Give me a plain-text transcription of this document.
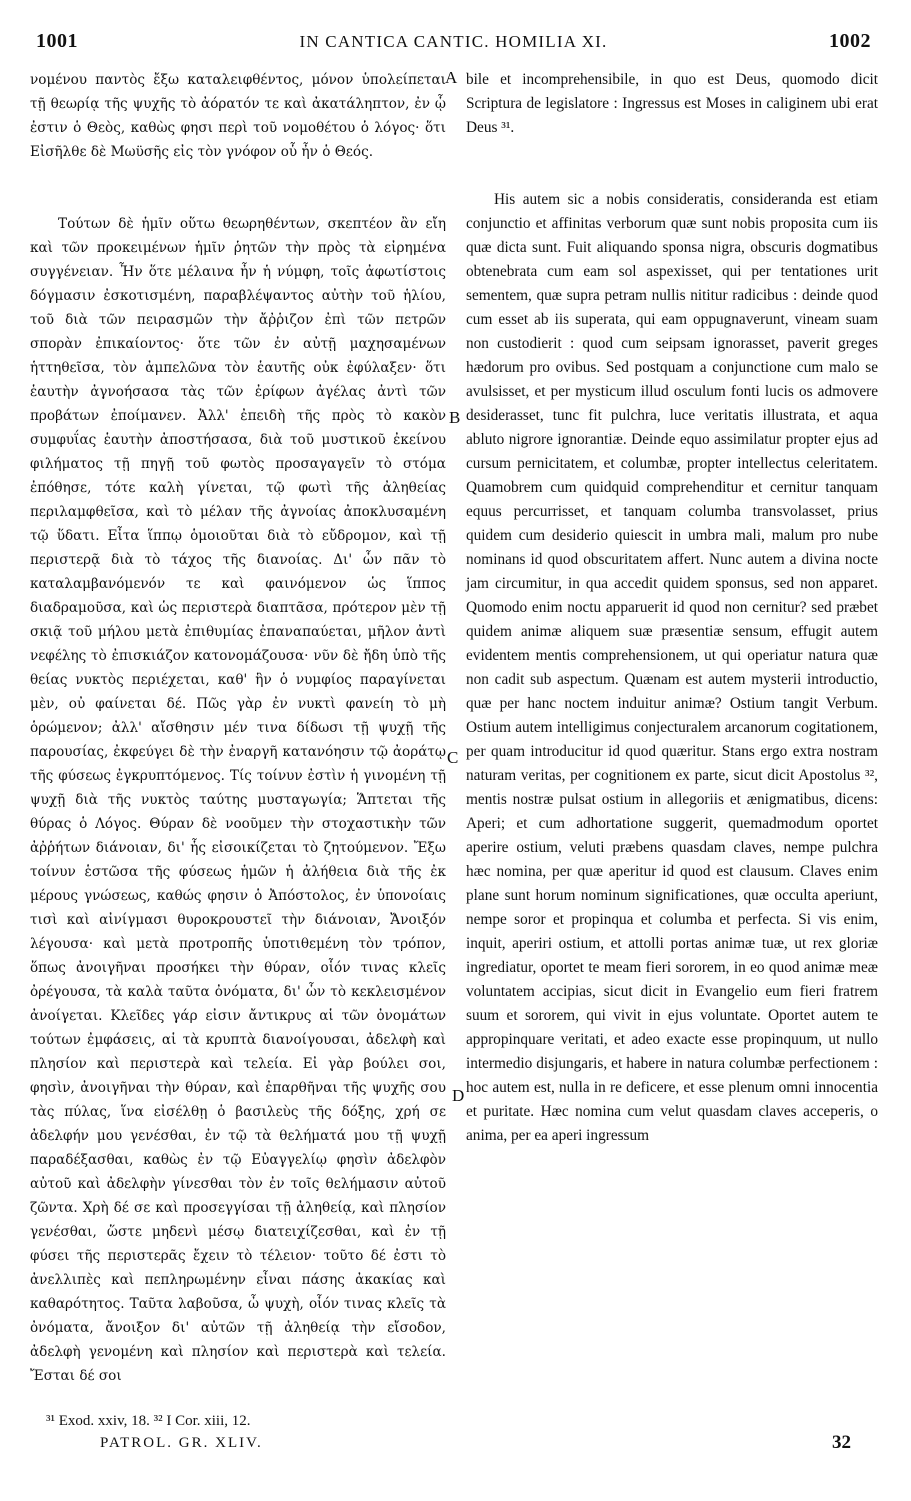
1001	IN CANTICA CANTIC. HOMILIA XI.	1002

νομένου παντὸς ἔξω καταλειφθέντος, μόνον ὑπολείπεται τῇ θεωρίᾳ τῆς ψυχῆς τὸ ἀόρατόν τε καὶ ἀκατάληπτον, ἐν ᾧ ἐστιν ὁ Θεὸς, καθὼς φησι περὶ τοῦ νομοθέτου ὁ λόγος· ὅτι Εἰσῆλθε δὲ Μωϋσῆς εἰς τὸν γνόφον οὗ ἦν ὁ Θεός.

Τούτων δὲ ἡμῖν οὕτω θεωρηθέντων, σκεπτέον ἂν εἴη καὶ τῶν προκειμένων ἡμῖν ῥητῶν τὴν πρὸς τὰ εἰρημένα συγγένειαν. Ἦν ὅτε μέλαινα ἦν ἡ νύμφη, τοῖς ἀφωτίστοις δόγμασιν ἐσκοτισμένη, παραβλέψαντος αὐτὴν τοῦ ἡλίου, τοῦ διὰ τῶν πειρασμῶν τὴν ἄῤῥιζον ἐπὶ τῶν πετρῶν σπορὰν ἐπικαίοντος· ὅτε τῶν ἐν αὐτῇ μαχησαμένων ἡττηθεῖσα, τὸν ἀμπελῶνα τὸν ἑαυτῆς οὐκ ἐφύλαξεν· ὅτι ἑαυτὴν ἀγνοήσασα τὰς τῶν ἐρίφων ἀγέλας ἀντὶ τῶν προβάτων ἐποίμανεν. Ἀλλ' ἐπειδὴ τῆς πρὸς τὸ κακὸν συμφυΐας ἑαυτὴν ἀποστήσασα, διὰ τοῦ μυστικοῦ ἐκείνου φιλήματος τῇ πηγῇ τοῦ φωτὸς προσαγαγεῖν τὸ στόμα ἐπόθησε, τότε καλὴ γίνεται, τῷ φωτὶ τῆς ἀληθείας περιλαμφθεῖσα, καὶ τὸ μέλαν τῆς ἀγνοίας ἀποκλυσαμένη τῷ ὕδατι. Εἶτα ἵππῳ ὁμοιοῦται διὰ τὸ εὔδρομον, καὶ τῇ περιστερᾷ διὰ τὸ τάχος τῆς διανοίας. Δι' ὧν πᾶν τὸ καταλαμβανόμενόν τε καὶ φαινόμενον ὡς ἵππος διαδραμοῦσα, καὶ ὡς περιστερὰ διαπτᾶσα, πρότερον μὲν τῇ σκιᾷ τοῦ μήλου μετὰ ἐπιθυμίας ἐπαναπαύεται, μῆλον ἀντὶ νεφέλης τὸ ἐπισκιάζον κατονομάζουσα· νῦν δὲ ἤδη ὑπὸ τῆς θείας νυκτὸς περιέχεται, καθ' ἣν ὁ νυμφίος παραγίνεται μὲν, οὐ φαίνεται δέ. Πῶς γὰρ ἐν νυκτὶ φανείη τὸ μὴ ὁρώμενον; ἀλλ' αἴσθησιν μέν τινα δίδωσι τῇ ψυχῇ τῆς παρουσίας, ἐκφεύγει δὲ τὴν ἐναργῆ κατανόησιν τῷ ἀοράτῳ τῆς φύσεως ἐγκρυπτόμενος. Τίς τοίνυν ἐστὶν ἡ γινομένη τῇ ψυχῇ διὰ τῆς νυκτὸς ταύτης μυσταγωγία; Ἅπτεται τῆς θύρας ὁ Λόγος. Θύραν δὲ νοοῦμεν τὴν στοχαστικὴν τῶν ἀῤῥήτων διάνοιαν, δι' ἧς εἰσοικίζεται τὸ ζητούμενον. Ἔξω τοίνυν ἑστῶσα τῆς φύσεως ἡμῶν ἡ ἀλήθεια διὰ τῆς ἐκ μέρους γνώσεως, καθώς φησιν ὁ Ἀπόστολος, ἐν ὑπονοίαις τισὶ καὶ αἰνίγμασι θυροκρουστεῖ τὴν διάνοιαν, Ἄνοιξόν λέγουσα· καὶ μετὰ προτροπῆς ὑποτιθεμένη τὸν τρόπον, ὅπως ἀνοιγῆναι προσήκει τὴν θύραν, οἷόν τινας κλεῖς ὀρέγουσα, τὰ καλὰ ταῦτα ὀνόματα, δι' ὧν τὸ κεκλεισμένον ἀνοίγεται. Κλεῖδες γάρ εἰσιν ἄντικρυς αἱ τῶν ὀνομάτων τούτων ἐμφάσεις, αἱ τὰ κρυπτὰ διανοίγουσαι, ἀδελφὴ καὶ πλησίον καὶ περιστερὰ καὶ τελεία. Εἰ γὰρ βούλει σοι, φησὶν, ἀνοιγῆναι τὴν θύραν, καὶ ἐπαρθῆναι τῆς ψυχῆς σου τὰς πύλας, ἵνα εἰσέλθῃ ὁ βασιλεὺς τῆς δόξης, χρή σε ἀδελφήν μου γενέσθαι, ἐν τῷ τὰ θελήματά μου τῇ ψυχῇ παραδέξασθαι, καθὼς ἐν τῷ Εὐαγγελίῳ φησὶν ἀδελφὸν αὐτοῦ καὶ ἀδελφὴν γίνεσθαι τὸν ἐν τοῖς θελήμασιν αὐτοῦ ζῶντα. Χρὴ δέ σε καὶ προσεγγίσαι τῇ ἀληθείᾳ, καὶ πλησίον γενέσθαι, ὥστε μηδενὶ μέσῳ διατειχίζεσθαι, καὶ ἐν τῇ φύσει τῆς περιστερᾶς ἔχειν τὸ τέλειον· τοῦτο δέ ἐστι τὸ ἀνελλιπὲς καὶ πεπληρωμένην εἶναι πάσης ἀκακίας καὶ καθαρότητος. Ταῦτα λαβοῦσα, ὦ ψυχὴ, οἷόν τινας κλεῖς τὰ ὀνόματα, ἄνοιξον δι' αὐτῶν τῇ ἀληθείᾳ τὴν εἴσοδον, ἀδελφὴ γενομένη καὶ πλησίον καὶ περιστερὰ καὶ τελεία. Ἔσται δέ σοι

A
B
C
D

bile et incomprehensibile, in quo est Deus, quomodo dicit Scriptura de legislatore : Ingressus est Moses in caliginem ubi erat Deus ³¹.

His autem sic a nobis consideratis, consideranda est etiam conjunctio et affinitas verborum quæ sunt nobis proposita cum iis quæ dicta sunt. Fuit aliquando sponsa nigra, obscuris dogmatibus obtenebrata cum eam sol aspexisset, qui per tentationes urit sementem, quæ supra petram nullis nititur radicibus : deinde quod cum esset ab iis superata, qui eam oppugnaverunt, vineam suam non custodierit : quod cum seipsam ignorasset, paverit greges hædorum pro ovibus. Sed postquam a conjunctione cum malo se avulsisset, et per mysticum illud osculum fonti lucis os admovere desiderasset, tunc fit pulchra, luce veritatis illustrata, et aqua abluto nigrore ignorantiæ. Deinde equo assimilatur propter ejus ad cursum pernicitatem, et columbæ, propter intellectus celeritatem. Quamobrem cum quidquid comprehenditur et cernitur tanquam equus percurrisset, et tanquam columba transvolasset, prius quidem cum desiderio quiescit in umbra mali, malum pro nube nominans id quod obscuritatem affert. Nunc autem a divina nocte jam circumitur, in qua accedit quidem sponsus, sed non apparet. Quomodo enim noctu apparuerit id quod non cernitur? sed præbet quidem animæ aliquem suæ præsentiæ sensum, effugit autem evidentem mentis comprehensionem, ut qui operiatur natura quæ non cadit sub aspectum. Quænam est autem mysterii introductio, quæ per hanc noctem induitur animæ? Ostium tangit Verbum. Ostium autem intelligimus conjecturalem arcanorum cogitationem, per quam introducitur id quod quæritur. Stans ergo extra nostram naturam veritas, per cognitionem ex parte, sicut dicit Apostolus ³², mentis nostræ pulsat ostium in allegoriis et ænigmatibus, dicens: Aperi; et cum adhortatione suggerit, quemadmodum oportet aperire ostium, veluti præbens quasdam claves, nempe pulchra hæc nomina, per quæ aperitur id quod est clausum. Claves enim plane sunt horum nominum significationes, quæ occulta aperiunt, nempe soror et propinqua et columba et perfecta. Si vis enim, inquit, aperiri ostium, et attolli portas animæ tuæ, ut rex gloriæ ingrediatur, oportet te meam fieri sororem, in eo quod animæ meæ voluntatem accipias, sicut dicit in Evangelio eum fieri fratrem suum et sororem, qui vivit in ejus voluntate. Oportet autem te appropinquare veritati, et adeo exacte esse propinquum, ut nullo intermedio disjungaris, et habere in natura columbæ perfectionem : hoc autem est, nulla in re deficere, et esse plenum omni innocentia et puritate. Hæc nomina cum velut quasdam claves acceperis, o anima, per ea aperi ingressum

³¹ Exod. xxiv, 18. ³² I Cor. xiii, 12.
PATROL. GR. XLIV.	32
